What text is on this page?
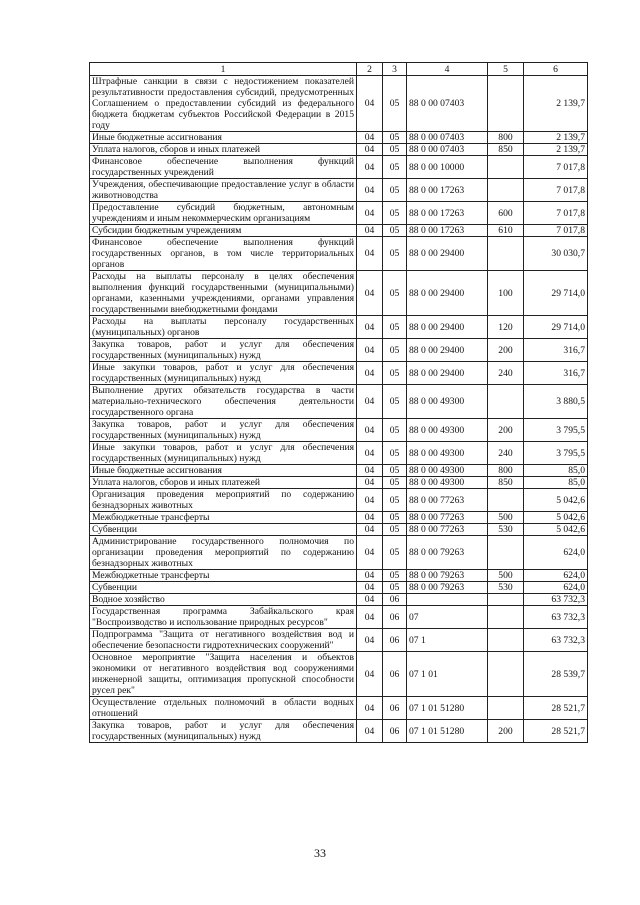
1	2	3	4	5	6
Штрафные санкции в связи с недостижением показателей результативности предоставления субсидий, предусмотренных Соглашением о предоставлении субсидий из федерального бюджета бюджетам субъектов Российской Федерации в 2015 году	04	05	88 0 00 07403		2 139,7
Иные бюджетные ассигнования	04	05	88 0 00 07403	800	2 139,7
Уплата налогов, сборов и иных платежей	04	05	88 0 00 07403	850	2 139,7
Финансовое обеспечение выполнения функций государственных учреждений	04	05	88 0 00 10000		7 017,8
Учреждения, обеспечивающие предоставление услуг в области животноводства	04	05	88 0 00 17263		7 017,8
Предоставление субсидий бюджетным, автономным учреждениям и иным некоммерческим организациям	04	05	88 0 00 17263	600	7 017,8
Субсидии бюджетным учреждениям	04	05	88 0 00 17263	610	7 017,8
Финансовое обеспечение выполнения функций государственных органов, в том числе территориальных органов	04	05	88 0 00 29400		30 030,7
Расходы на выплаты персоналу в целях обеспечения выполнения функций государственными (муниципальными) органами, казенными учреждениями, органами управления государственными внебюджетными фондами	04	05	88 0 00 29400	100	29 714,0
Расходы на выплаты персоналу государственных (муниципальных) органов	04	05	88 0 00 29400	120	29 714,0
Закупка товаров, работ и услуг для обеспечения государственных (муниципальных) нужд	04	05	88 0 00 29400	200	316,7
Иные закупки товаров, работ и услуг для обеспечения государственных (муниципальных) нужд	04	05	88 0 00 29400	240	316,7
Выполнение других обязательств государства в части материально-технического обеспечения деятельности государственного органа	04	05	88 0 00 49300		3 880,5
Закупка товаров, работ и услуг для обеспечения государственных (муниципальных) нужд	04	05	88 0 00 49300	200	3 795,5
Иные закупки товаров, работ и услуг для обеспечения государственных (муниципальных) нужд	04	05	88 0 00 49300	240	3 795,5
Иные бюджетные ассигнования	04	05	88 0 00 49300	800	85,0
Уплата налогов, сборов и иных платежей	04	05	88 0 00 49300	850	85,0
Организация проведения мероприятий по содержанию безнадзорных животных	04	05	88 0 00 77263		5 042,6
Межбюджетные трансферты	04	05	88 0 00 77263	500	5 042,6
Субвенции	04	05	88 0 00 77263	530	5 042,6
Администрирование государственного полномочия по организации проведения мероприятий по содержанию безнадзорных животных	04	05	88 0 00 79263		624,0
Межбюджетные трансферты	04	05	88 0 00 79263	500	624,0
Субвенции	04	05	88 0 00 79263	530	624,0
Водное хозяйство	04	06			63 732,3
Государственная программа Забайкальского края "Воспроизводство и использование природных ресурсов"	04	06	07		63 732,3
Подпрограмма "Защита от негативного воздействия вод и обеспечение безопасности гидротехнических сооружений"	04	06	07 1		63 732,3
Основное мероприятие "Защита населения и объектов экономики от негативного воздействия вод сооружениями инженерной защиты, оптимизация пропускной способности русел рек"	04	06	07 1 01		28 539,7
Осуществление отдельных полномочий в области водных отношений	04	06	07 1 01 51280		28 521,7
Закупка товаров, работ и услуг для обеспечения государственных (муниципальных) нужд	04	06	07 1 01 51280	200	28 521,7
33
